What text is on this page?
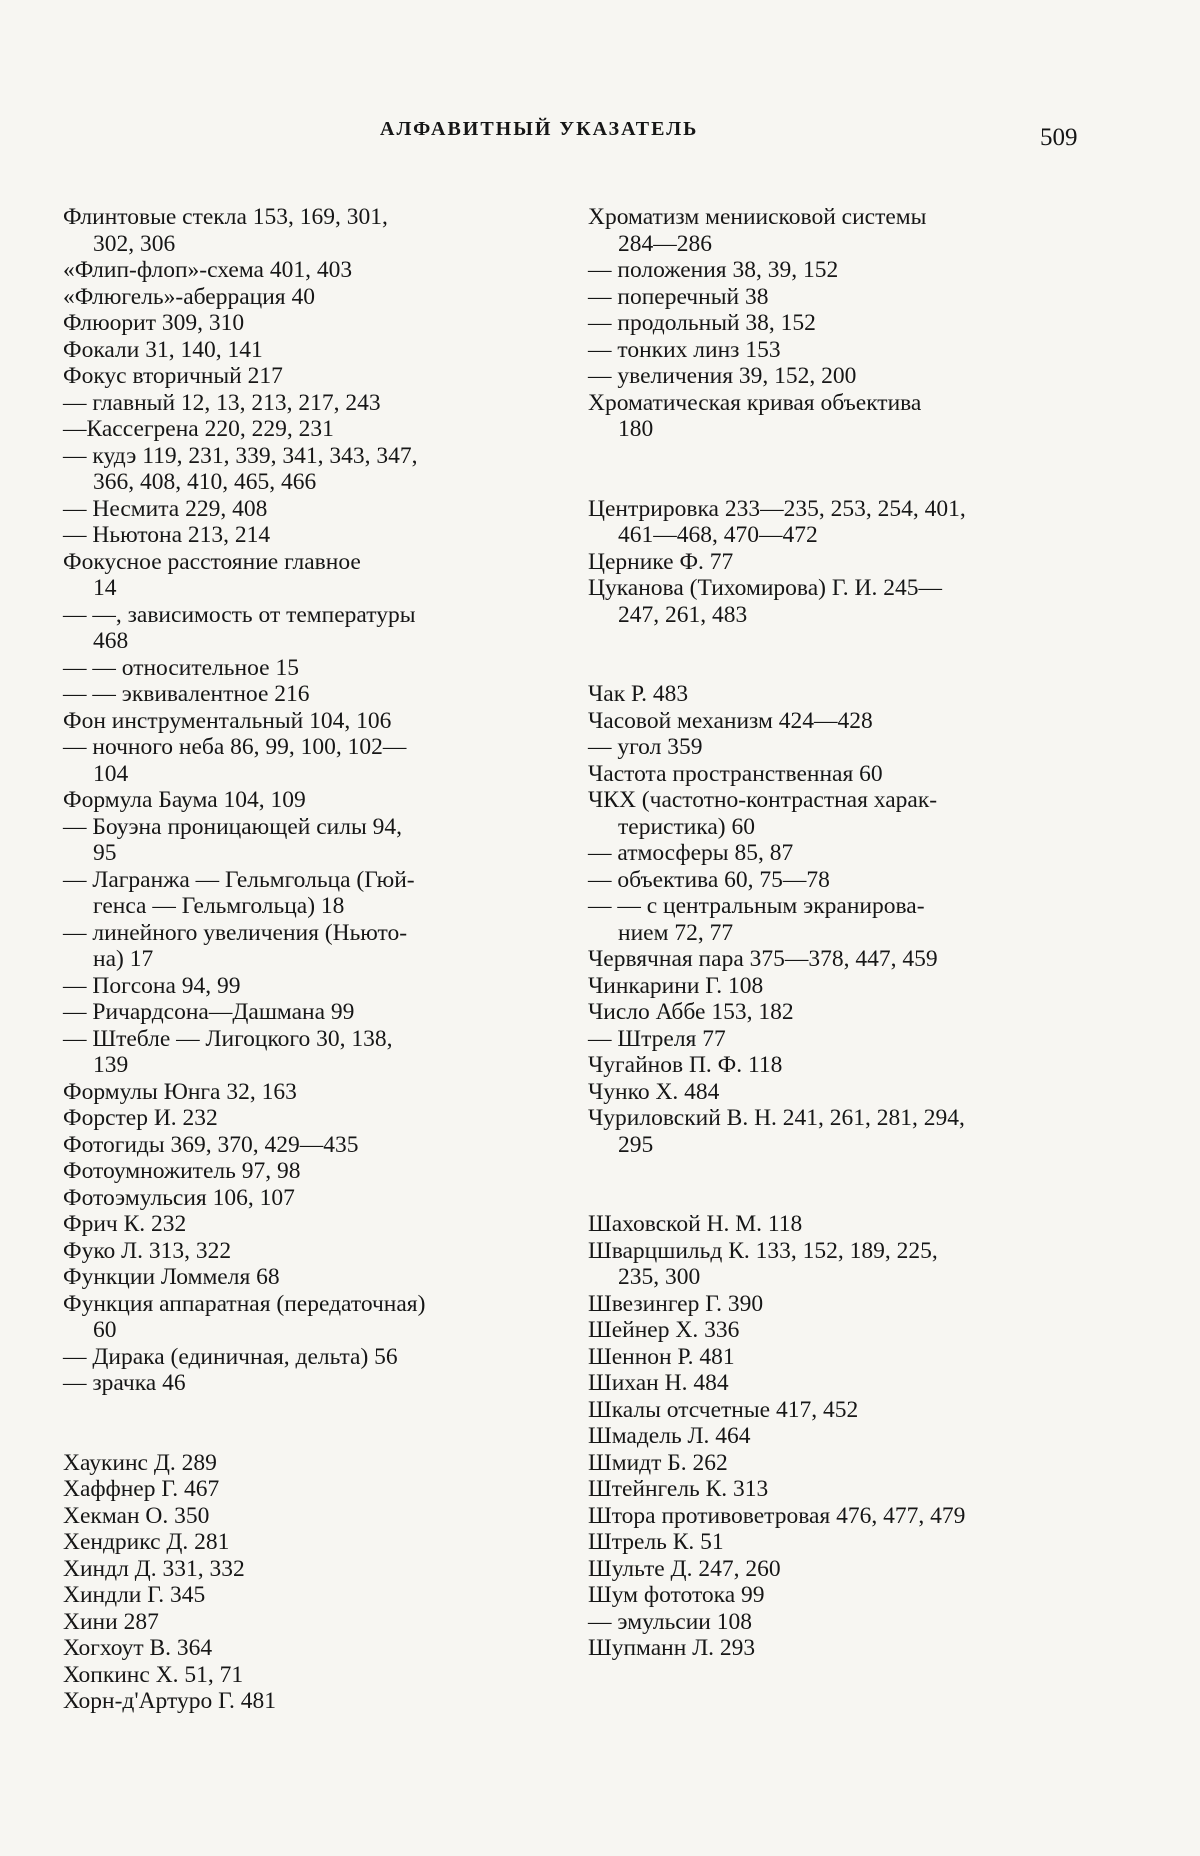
АЛФАВИТНЫЙ УКАЗАТЕЛЬ	509
Флинтовые стекла 153, 169, 301,
302, 306
«Флип-флоп»-схема 401, 403
«Флюгель»-аберрация 40
Флюорит 309, 310
Фокали 31, 140, 141
Фокус вторичный 217
— главный 12, 13, 213, 217, 243
—Кассегрена 220, 229, 231
— кудэ 119, 231, 339, 341, 343, 347,
366, 408, 410, 465, 466
— Несмита 229, 408
— Ньютона 213, 214
Фокусное расстояние главное
14
— —, зависимость от температуры
468
— — относительное 15
— — эквивалентное 216
Фон инструментальный 104, 106
— ночного неба 86, 99, 100, 102—
104
Формула Баума 104, 109
— Боуэна проницающей силы 94,
95
— Лагранжа — Гельмгольца (Гюй-
генса — Гельмгольца) 18
— линейного увеличения (Ньюто-
на) 17
— Погсона 94, 99
— Ричардсона—Дашмана 99
— Штебле — Лигоцкого 30, 138,
139
Формулы Юнга 32, 163
Форстер И. 232
Фотогиды 369, 370, 429—435
Фотоумножитель 97, 98
Фотоэмульсия 106, 107
Фрич К. 232
Фуко Л. 313, 322
Функции Ломмеля 68
Функция аппаратная (передаточная)
60
— Дирака (единичная, дельта) 56
— зрачка 46
Хаукинс Д. 289
Хаффнер Г. 467
Хекман О. 350
Хендрикс Д. 281
Хиндл Д. 331, 332
Хиндли Г. 345
Хини 287
Хогхоут В. 364
Хопкинс Х. 51, 71
Хорн-д'Артуро Г. 481
Хроматизм мениисковой системы
284—286
— положения 38, 39, 152
— поперечный 38
— продольный 38, 152
— тонких линз 153
— увеличения 39, 152, 200
Хроматическая кривая объектива
180
Центрировка 233—235, 253, 254, 401,
461—468, 470—472
Цернике Ф. 77
Цуканова (Тихомирова) Г. И. 245—
247, 261, 483
Чак Р. 483
Часовой механизм 424—428
— угол 359
Частота пространственная 60
ЧКХ (частотно-контрастная харак-
теристика) 60
— атмосферы 85, 87
— объектива 60, 75—78
— — с центральным экранирова-
нием 72, 77
Червячная пара 375—378, 447, 459
Чинкарини Г. 108
Число Аббе 153, 182
— Штреля 77
Чугайнов П. Ф. 118
Чунко Х. 484
Чуриловский В. Н. 241, 261, 281, 294,
295
Шаховской Н. М. 118
Шварцшильд К. 133, 152, 189, 225,
235, 300
Швезингер Г. 390
Шейнер Х. 336
Шеннон Р. 481
Шихан Н. 484
Шкалы отсчетные 417, 452
Шмадель Л. 464
Шмидт Б. 262
Штейнгель К. 313
Штора противоветровая 476, 477, 479
Штрель К. 51
Шульте Д. 247, 260
Шум фототока 99
— эмульсии 108
Шупманн Л. 293
